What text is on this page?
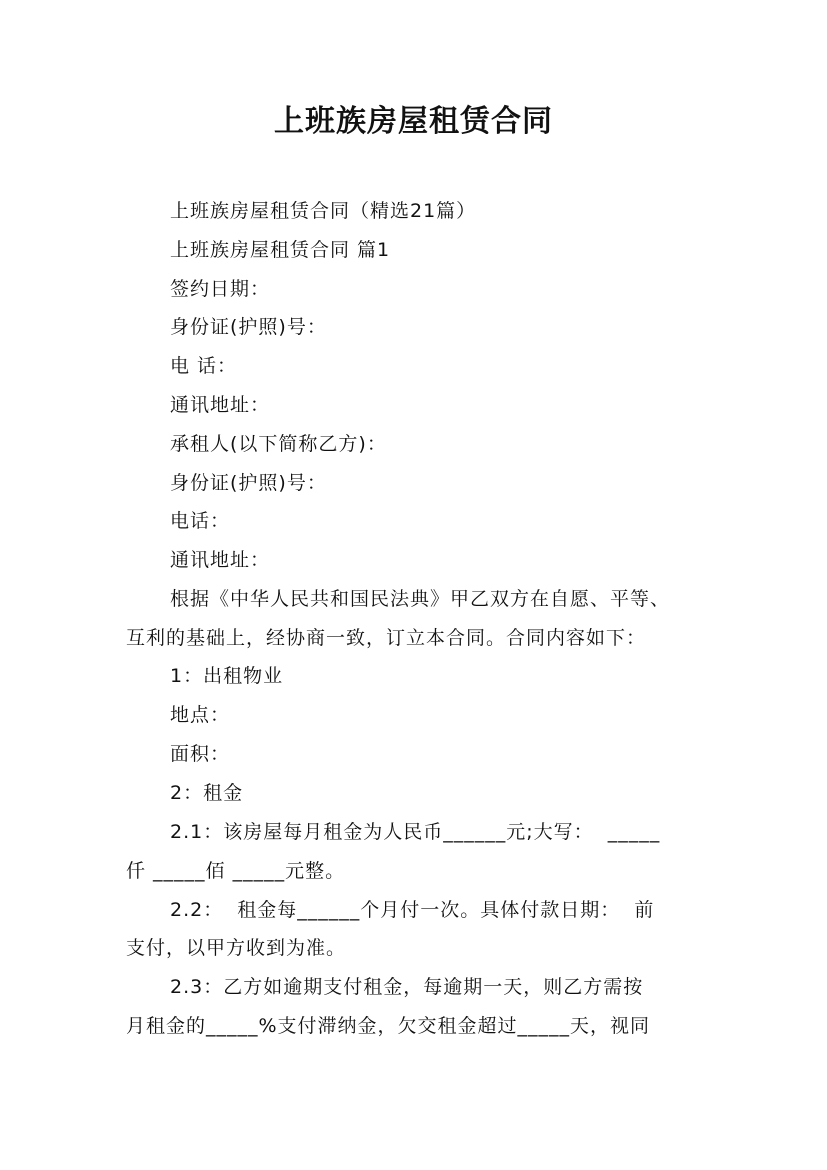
上班族房屋租赁合同
上班族房屋租赁合同（精选21篇）
上班族房屋租赁合同 篇1
签约日期：
身份证(护照)号：
电 话：
通讯地址：
承租人(以下简称乙方)：
身份证(护照)号：
电话：
通讯地址：
根据《中华人民共和国民法典》甲乙双方在自愿、平等、
互利的基础上，经协商一致，订立本合同。合同内容如下：
1：出租物业
地点：
面积：
2：租金
2.1：该房屋每月租金为人民币______元;大写：  _____
仟 _____佰 _____元整。
2.2：  租金每______个月付一次。具体付款日期：  前
支付，以甲方收到为准。
2.3：乙方如逾期支付租金，每逾期一天，则乙方需按
月租金的_____%支付滞纳金，欠交租金超过_____天，视同
